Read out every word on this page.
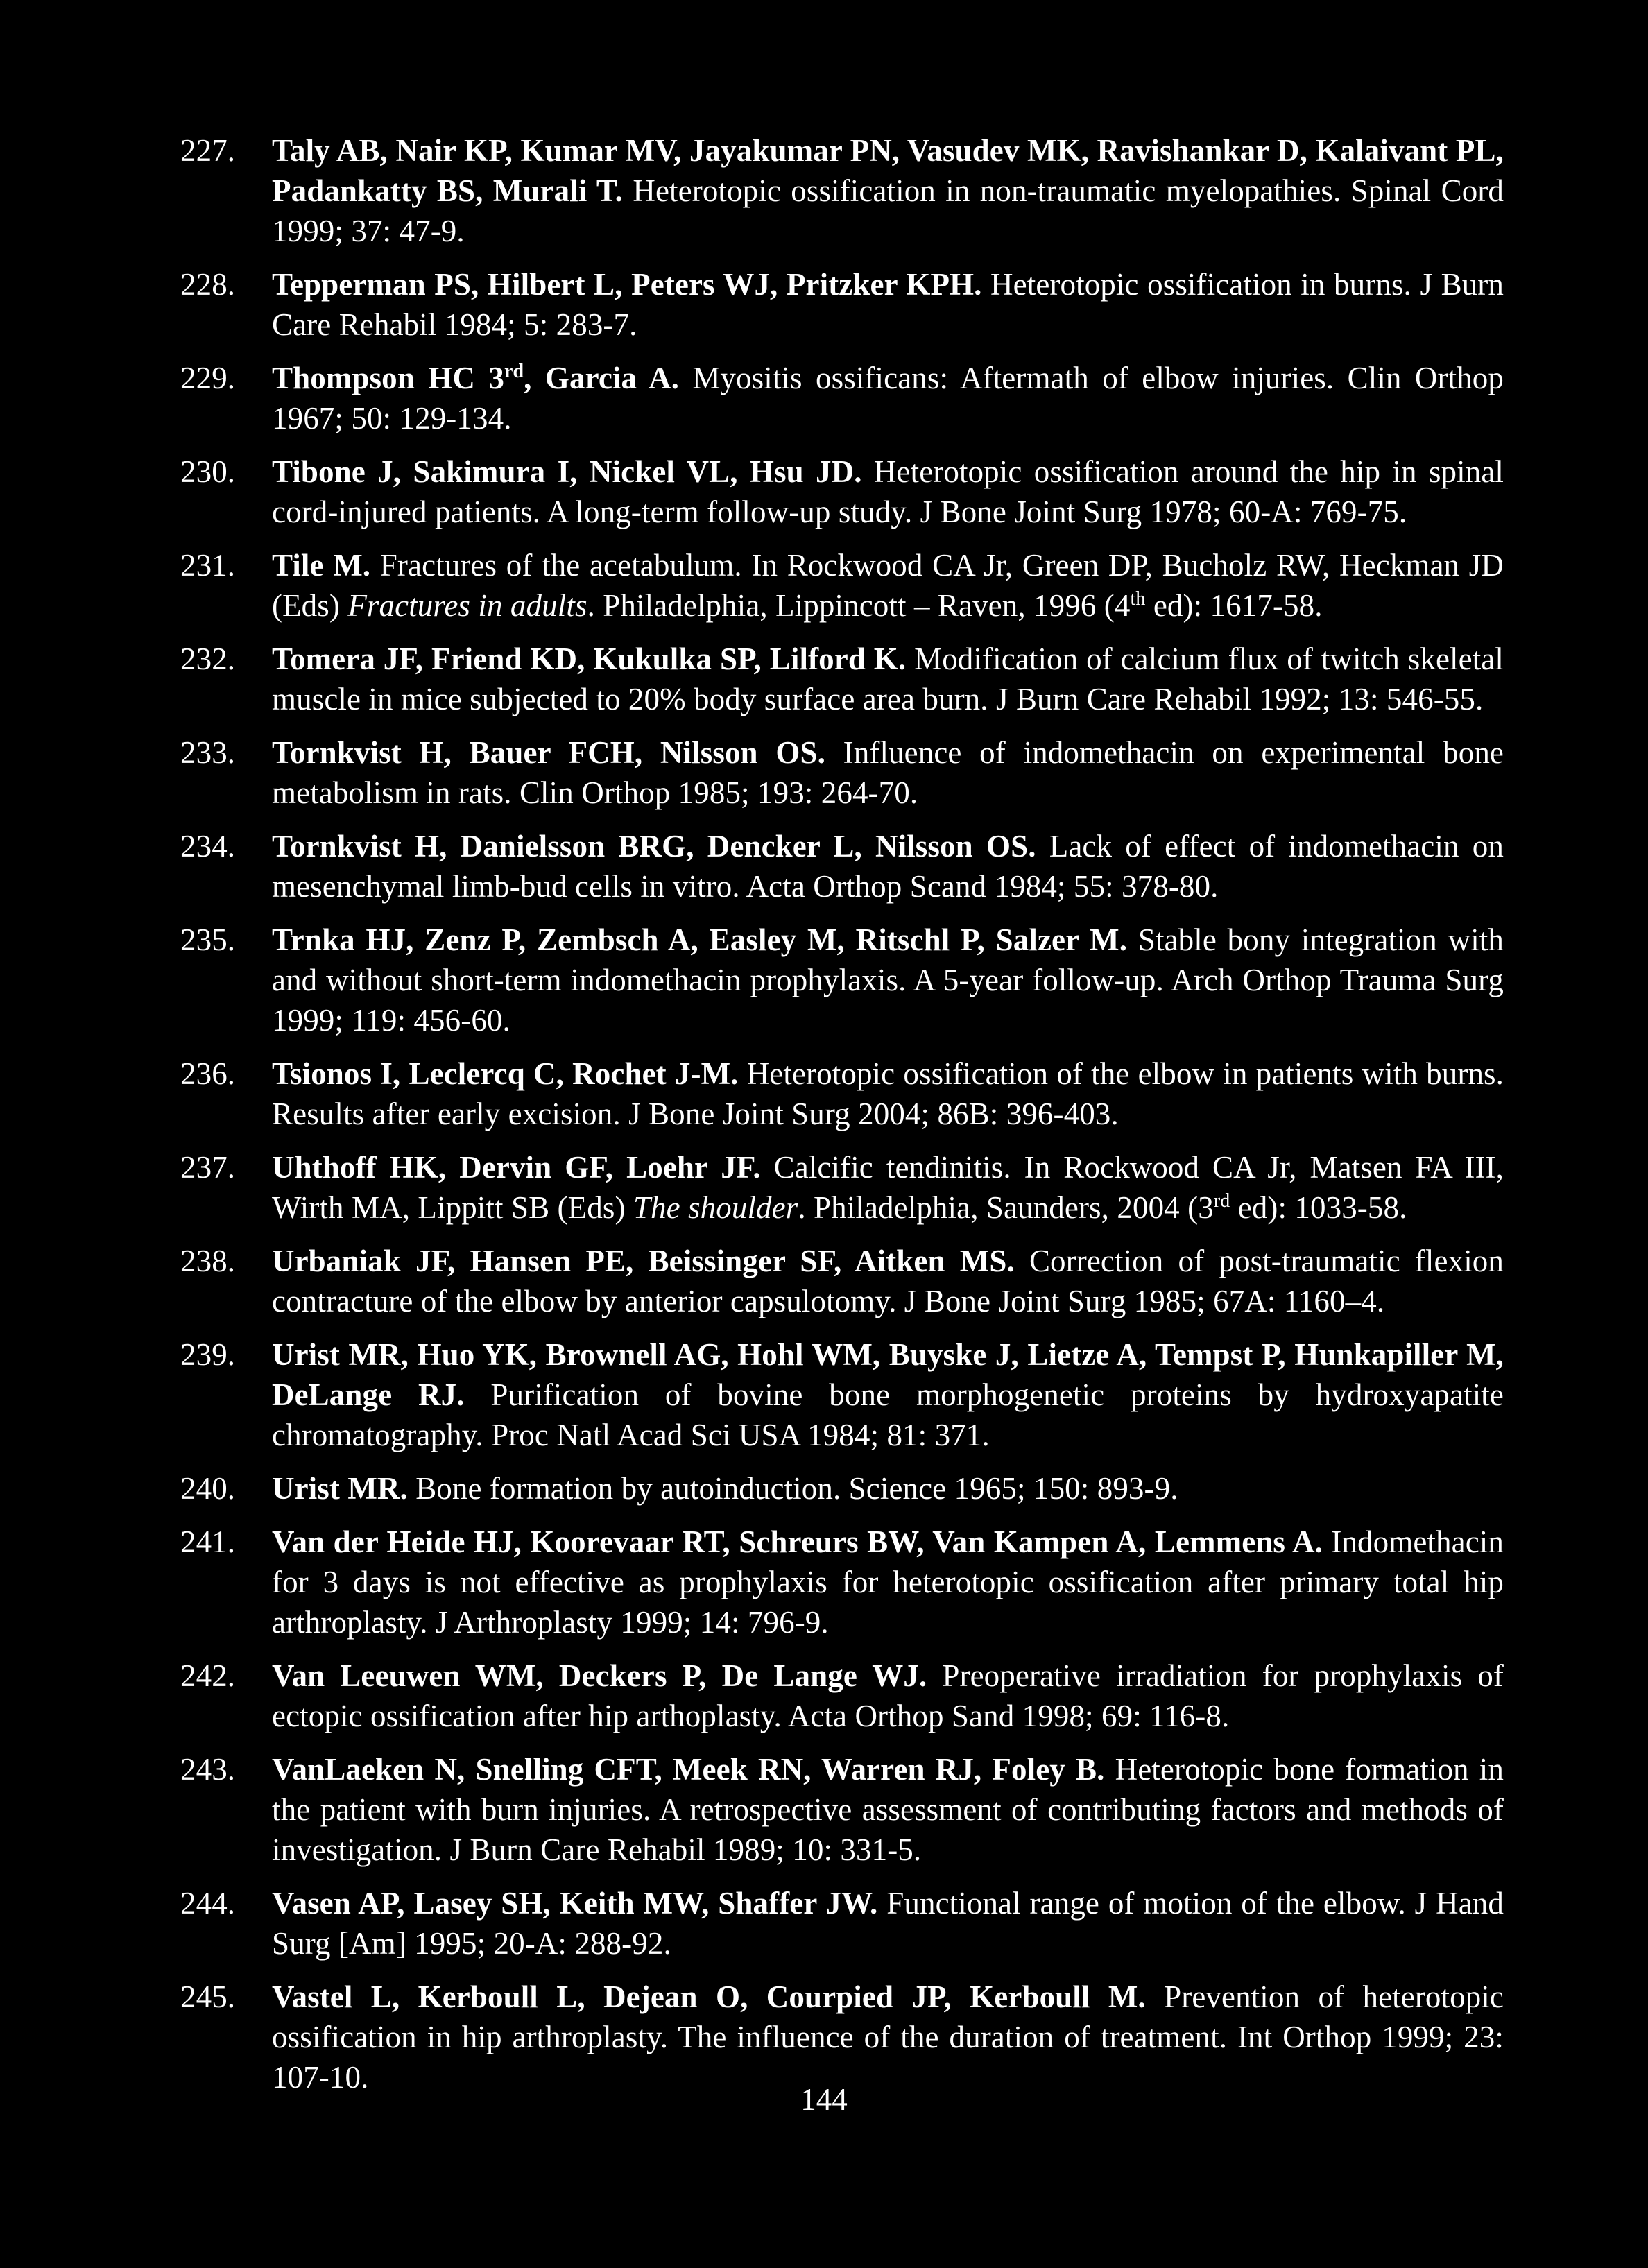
227.	Taly AB, Nair KP, Kumar MV, Jayakumar PN, Vasudev MK, Ravishankar D, Kalaivant PL, Padankatty BS, Murali T. Heterotopic ossification in non-traumatic myelopathies. Spinal Cord 1999; 37: 47-9.
228.	Tepperman PS, Hilbert L, Peters WJ, Pritzker KPH. Heterotopic ossification in burns. J Burn Care Rehabil 1984; 5: 283-7.
229.	Thompson HC 3rd, Garcia A. Myositis ossificans: Aftermath of elbow injuries. Clin Orthop 1967; 50: 129-134.
230.	Tibone J, Sakimura I, Nickel VL, Hsu JD. Heterotopic ossification around the hip in spinal cord-injured patients. A long-term follow-up study. J Bone Joint Surg 1978; 60-A: 769-75.
231.	Tile M. Fractures of the acetabulum. In Rockwood CA Jr, Green DP, Bucholz RW, Heckman JD (Eds) Fractures in adults. Philadelphia, Lippincott – Raven, 1996 (4th ed): 1617-58.
232.	Tomera JF, Friend KD, Kukulka SP, Lilford K. Modification of calcium flux of twitch skeletal muscle in mice subjected to 20% body surface area burn. J Burn Care Rehabil 1992; 13: 546-55.
233.	Tornkvist H, Bauer FCH, Nilsson OS. Influence of indomethacin on experimental bone metabolism in rats. Clin Orthop 1985; 193: 264-70.
234.	Tornkvist H, Danielsson BRG, Dencker L, Nilsson OS. Lack of effect of indomethacin on mesenchymal limb-bud cells in vitro. Acta Orthop Scand 1984; 55: 378-80.
235.	Trnka HJ, Zenz P, Zembsch A, Easley M, Ritschl P, Salzer M. Stable bony integration with and without short-term indomethacin prophylaxis. A 5-year follow-up. Arch Orthop Trauma Surg 1999; 119: 456-60.
236.	Tsionos I, Leclercq C, Rochet J-M. Heterotopic ossification of the elbow in patients with burns. Results after early excision. J Bone Joint Surg 2004; 86B: 396-403.
237.	Uhthoff HK, Dervin GF, Loehr JF. Calcific tendinitis. In Rockwood CA Jr, Matsen FA III, Wirth MA, Lippitt SB (Eds) The shoulder. Philadelphia, Saunders, 2004 (3rd ed): 1033-58.
238.	Urbaniak JF, Hansen PE, Beissinger SF, Aitken MS. Correction of post-traumatic flexion contracture of the elbow by anterior capsulotomy. J Bone Joint Surg 1985; 67A: 1160–4.
239.	Urist MR, Huo YK, Brownell AG, Hohl WM, Buyske J, Lietze A, Tempst P, Hunkapiller M, DeLange RJ. Purification of bovine bone morphogenetic proteins by hydroxyapatite chromatography. Proc Natl Acad Sci USA 1984; 81: 371.
240.	Urist MR. Bone formation by autoinduction. Science 1965; 150: 893-9.
241.	Van der Heide HJ, Koorevaar RT, Schreurs BW, Van Kampen A, Lemmens A. Indomethacin for 3 days is not effective as prophylaxis for heterotopic ossification after primary total hip arthroplasty. J Arthroplasty 1999; 14: 796-9.
242.	Van Leeuwen WM, Deckers P, De Lange WJ. Preoperative irradiation for prophylaxis of ectopic ossification after hip arthoplasty. Acta Orthop Sand 1998; 69: 116-8.
243.	VanLaeken N, Snelling CFT, Meek RN, Warren RJ, Foley B. Heterotopic bone formation in the patient with burn injuries. A retrospective assessment of contributing factors and methods of investigation. J Burn Care Rehabil 1989; 10: 331-5.
244.	Vasen AP, Lasey SH, Keith MW, Shaffer JW. Functional range of motion of the elbow. J Hand Surg [Am] 1995; 20-A: 288-92.
245.	Vastel L, Kerboull L, Dejean O, Courpied JP, Kerboull M. Prevention of heterotopic ossification in hip arthroplasty. The influence of the duration of treatment. Int Orthop 1999; 23: 107-10.
144
